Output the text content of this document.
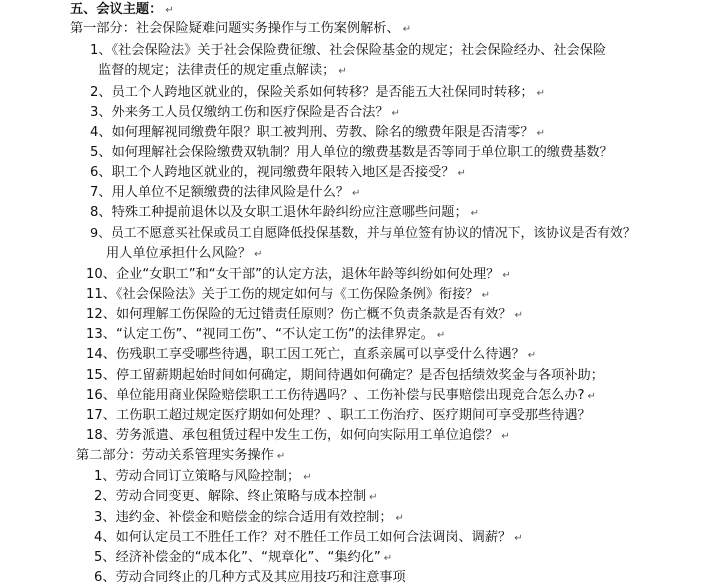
五、会议主题： ↵
第一部分：社会保险疑难问题实务操作与工伤案例解析、 ↵
1、《社会保险法》关于社会保险费征缴、社会保险基金的规定；社会保险经办、社会保险
监督的规定；法律责任的规定重点解读； ↵
2、员工个人跨地区就业的，保险关系如何转移？是否能五大社保同时转移； ↵
3、外来务工人员仅缴纳工伤和医疗保险是否合法？ ↵
4、如何理解视同缴费年限？职工被判刑、劳教、除名的缴费年限是否清零？ ↵
5、如何理解社会保险缴费双轨制？用人单位的缴费基数是否等同于单位职工的缴费基数？
6、职工个人跨地区就业的，视同缴费年限转入地区是否接受？ ↵
7、用人单位不足额缴费的法律风险是什么？ ↵
8、特殊工种提前退休以及女职工退休年龄纠纷应注意哪些问题； ↵
9、员工不愿意买社保或员工自愿降低投保基数，并与单位签有协议的情况下，该协议是否有效？
用人单位承担什么风险？ ↵
10、企业“女职工”和“女干部”的认定方法，退休年龄等纠纷如何处理？ ↵
11、《社会保险法》关于工伤的规定如何与《工伤保险条例》衔接？ ↵
12、如何理解工伤保险的无过错责任原则？伤亡概不负责条款是否有效？ ↵
13、“认定工伤”、“视同工伤”、“不认定工伤”的法律界定。 ↵
14、伤残职工享受哪些待遇，职工因工死亡，直系亲属可以享受什么待遇？ ↵
15、停工留薪期起始时间如何确定，期间待遇如何确定？是否包括绩效奖金与各项补助；
16、单位能用商业保险赔偿职工工伤待遇吗？、工伤补偿与民事赔偿出现竞合怎么办? ↵
17、工伤职工超过规定医疗期如何处理？、职工工伤治疗、医疗期间可享受那些待遇？
18、劳务派遣、承包租赁过程中发生工伤，如何向实际用工单位追偿？ ↵
第二部分：劳动关系管理实务操作 ↵
1、劳动合同订立策略与风险控制； ↵
2、劳动合同变更、解除、终止策略与成本控制 ↵
3、违约金、补偿金和赔偿金的综合适用有效控制； ↵
4、如何认定员工不胜任工作？对不胜任工作员工如何合法调岗、调薪？ ↵
5、经济补偿金的“成本化”、“规章化”、“集约化” ↵
6、劳动合同终止的几种方式及其应用技巧和注意事项
